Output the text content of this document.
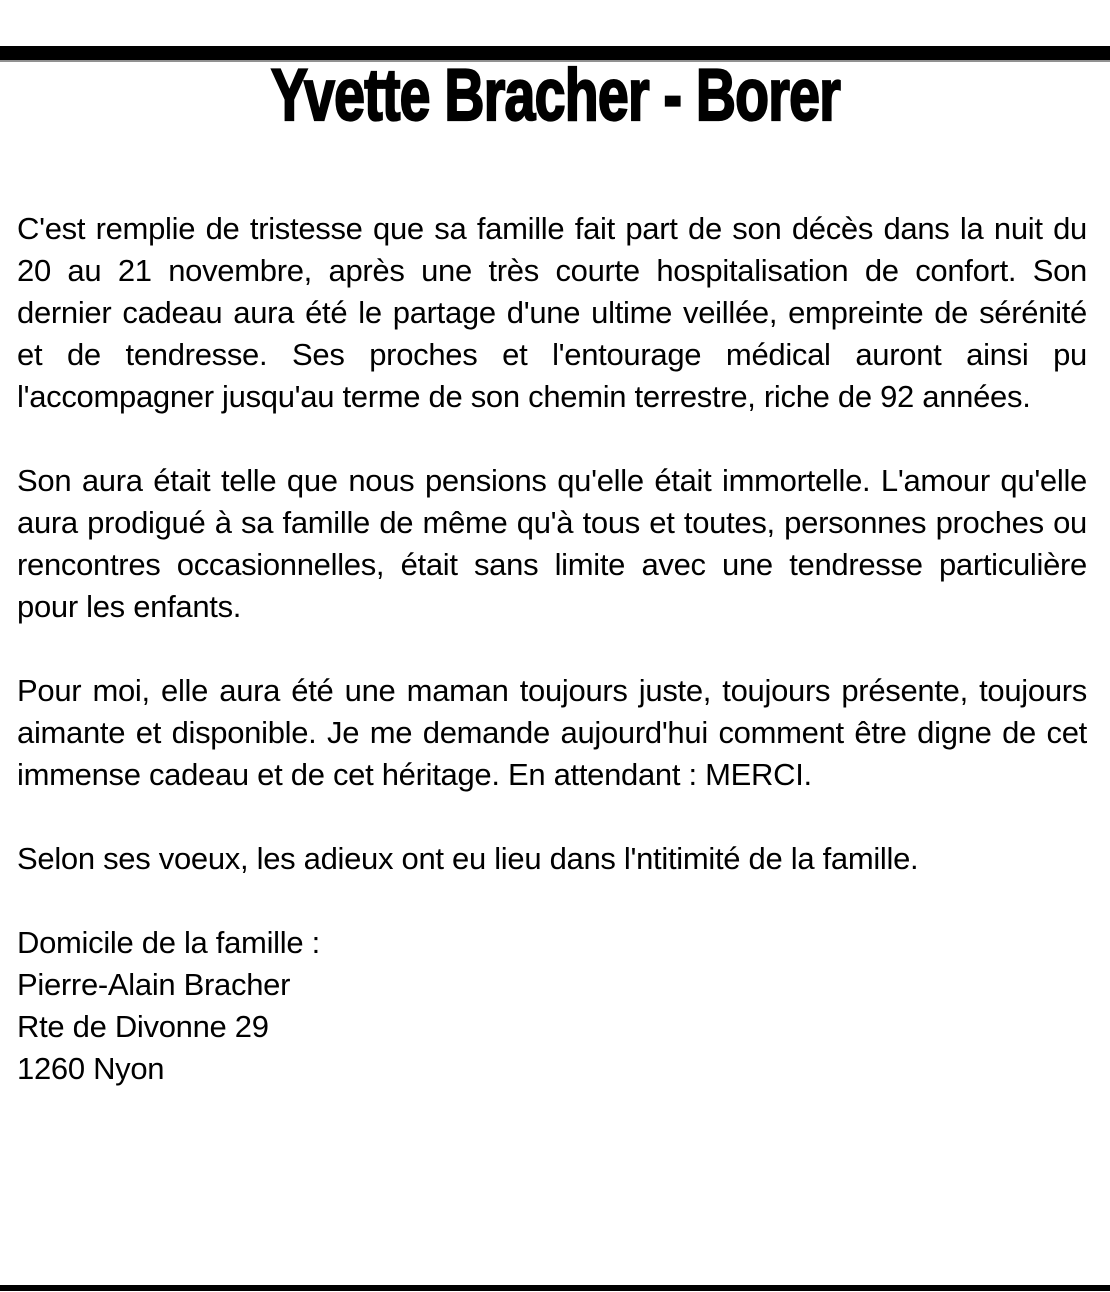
Yvette Bracher - Borer

C'est remplie de tristesse que sa famille fait part de son décès dans la nuit du 20 au 21 novembre, après une très courte hospitalisation de confort. Son dernier cadeau aura été le partage d'une ultime veillée, empreinte de sérénité et de tendresse. Ses proches et l'entourage médical auront ainsi pu l'accompagner jusqu'au terme de son chemin terrestre, riche de 92 années.

Son aura était telle que nous pensions qu'elle était immortelle. L'amour qu'elle aura prodigué à sa famille de même qu'à tous et toutes, personnes proches ou rencontres occasionnelles, était sans limite avec une tendresse particulière pour les enfants.

Pour moi, elle aura été une maman toujours juste, toujours présente, toujours aimante et disponible. Je me demande aujourd'hui comment être digne de cet immense cadeau et de cet héritage. En attendant : MERCI.

Selon ses voeux, les adieux ont eu lieu dans l'ntitimité de la famille.

Domicile de la famille :
Pierre-Alain Bracher
Rte de Divonne 29
1260 Nyon
